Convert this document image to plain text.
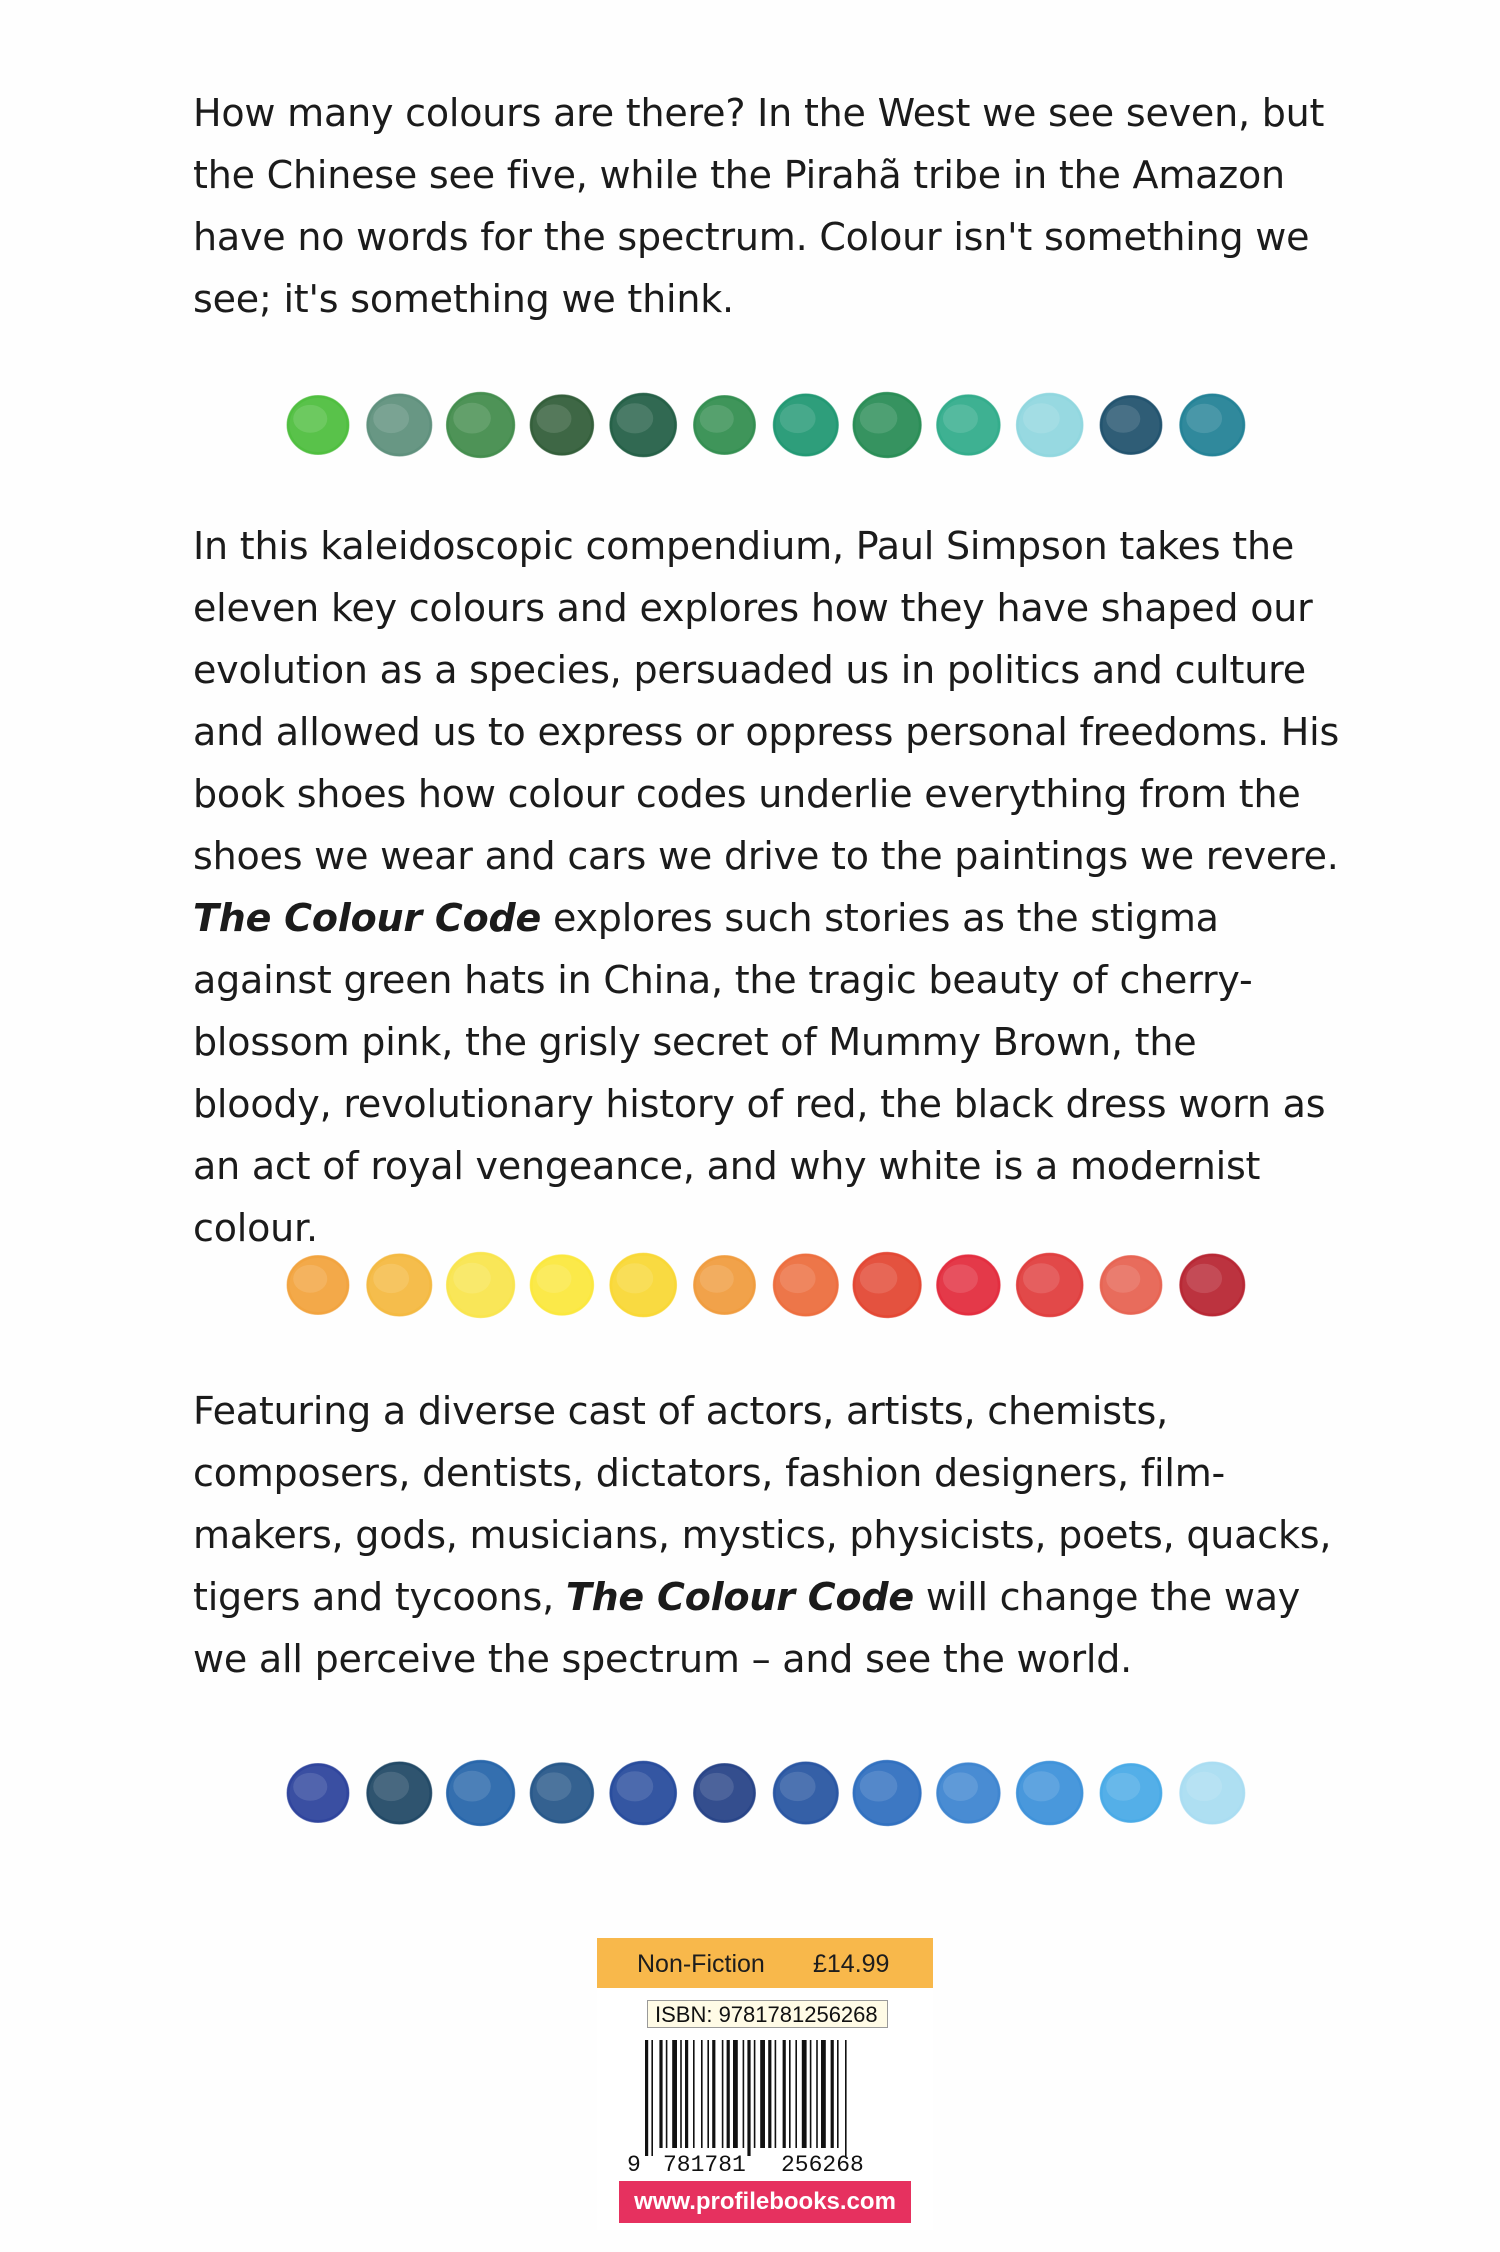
How many colours are there? In the West we see seven, but the Chinese see five, while the Pirahã tribe in the Amazon have no words for the spectrum. Colour isn't something we see; it's something we think.

In this kaleidoscopic compendium, Paul Simpson takes the eleven key colours and explores how they have shaped our evolution as a species, persuaded us in politics and culture and allowed us to express or oppress personal freedoms. His book shoes how colour codes underlie everything from the shoes we wear and cars we drive to the paintings we revere. The Colour Code explores such stories as the stigma against green hats in China, the tragic beauty of cherry-blossom pink, the grisly secret of Mummy Brown, the bloody, revolutionary history of red, the black dress worn as an act of royal vengeance, and why white is a modernist colour.

Featuring a diverse cast of actors, artists, chemists, composers, dentists, dictators, fashion designers, film-makers, gods, musicians, mystics, physicists, poets, quacks, tigers and tycoons, The Colour Code will change the way we all perceive the spectrum – and see the world.

Non-Fiction £14.99
ISBN: 9781781256268
9 781781 256268
www.profilebooks.com
